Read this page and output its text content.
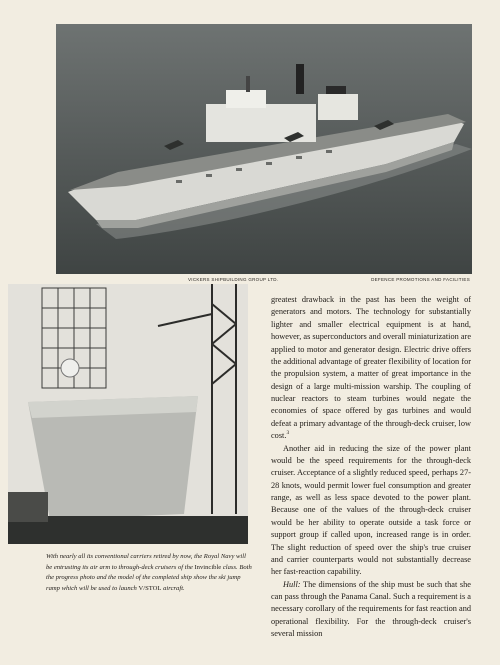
VICKERS SHIPBUILDING GROUP LTD.	DEFENCE PROMOTIONS AND FACILITIES

With nearly all its conventional carriers retired by now, the Royal Navy will be entrusting its air arm to through-deck cruisers of the Invincible class. Both the progress photo and the model of the completed ship show the ski jump ramp which will be used to launch V/STOL aircraft.

greatest drawback in the past has been the weight of generators and motors. The technology for substantially lighter and smaller electrical equipment is at hand, however, as superconductors and overall miniaturization are applied to motor and generator design. Electric drive offers the additional advantage of greater flexibility of location for the propulsion system, a matter of great importance in the design of a large multi-mission warship. The coupling of nuclear reactors to steam turbines would negate the economies of space offered by gas turbines and would defeat a primary advantage of the through-deck cruiser, low cost.$^3$

Another aid in reducing the size of the power plant would be the speed requirements for the through-deck cruiser. Acceptance of a slightly reduced speed, perhaps 27-28 knots, would permit lower fuel consumption and greater range, as well as less space devoted to the power plant. Because one of the values of the through-deck cruiser would be her ability to operate outside a task force or support group if called upon, increased range is in order. The slight reduction of speed over the ship's true cruiser and carrier counterparts would not substantially decrease her fast-reaction capability.

Hull: The dimensions of the ship must be such that she can pass through the Panama Canal. Such a requirement is a necessary corollary of the requirements for fast reaction and operational flexibility. For the through-deck cruiser's several mission
